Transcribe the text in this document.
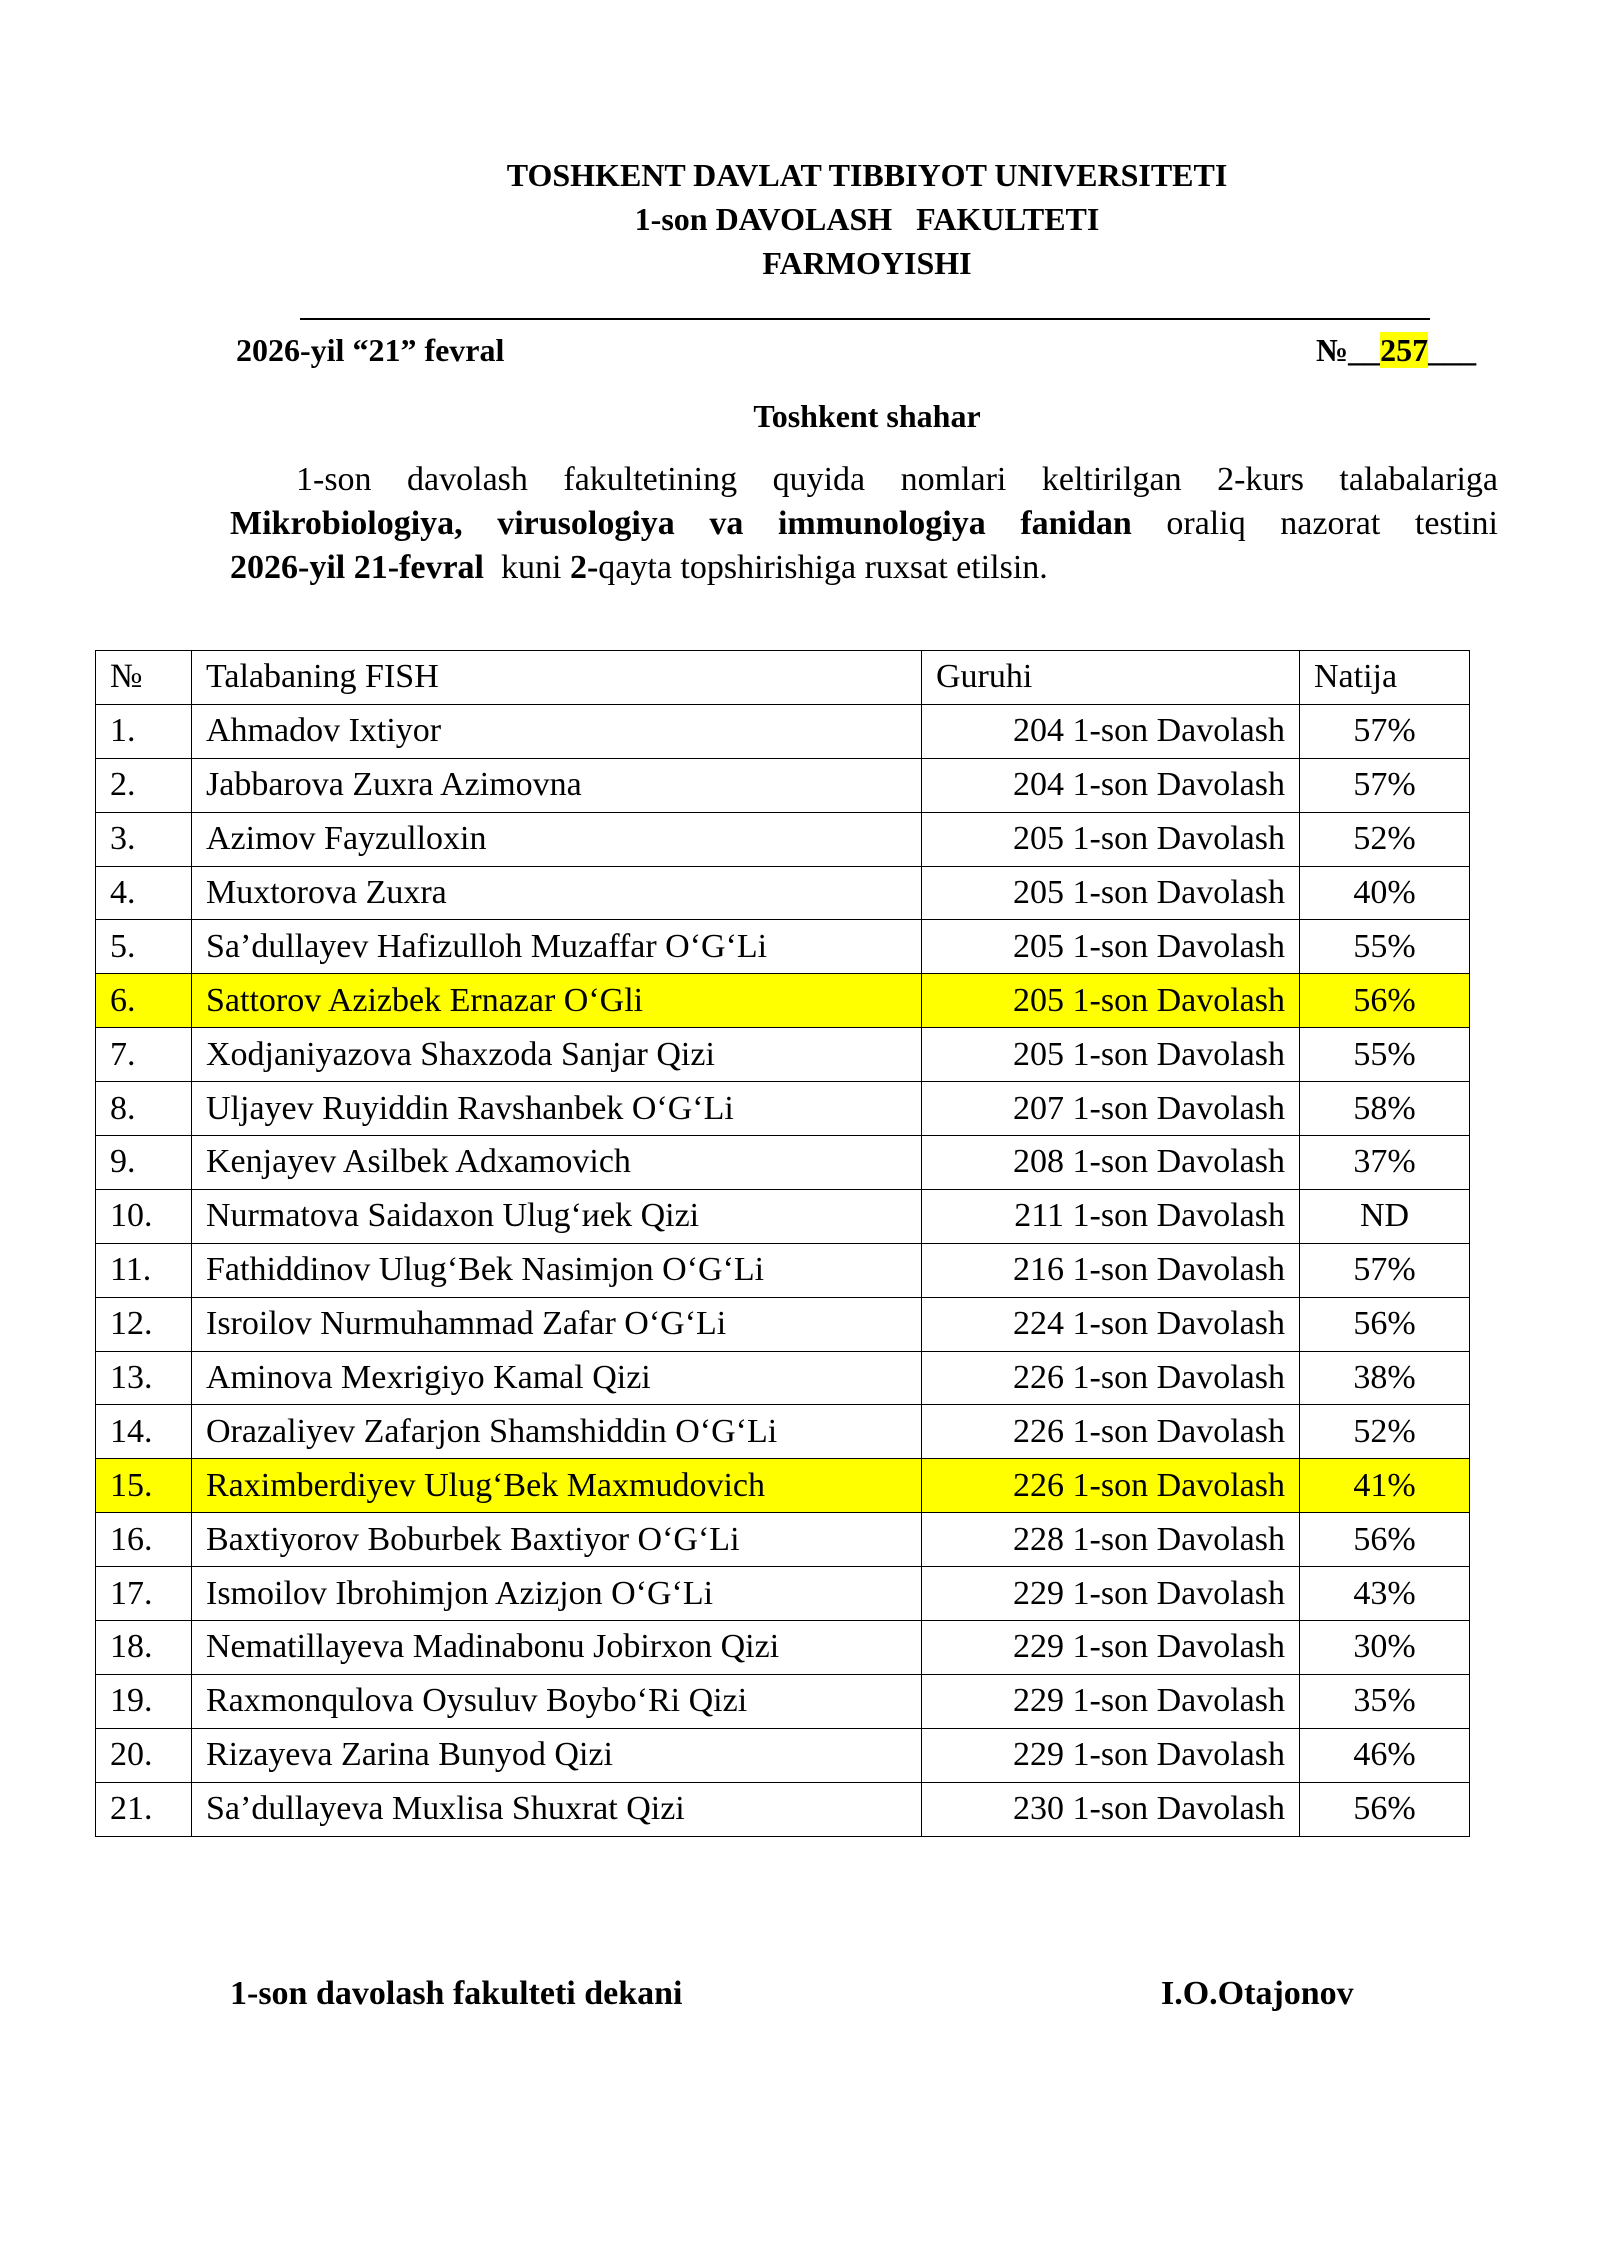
TOSHKENT DAVLAT TIBBIYOT UNIVERSITETI
1-son DAVOLASH   FAKULTETI
FARMOYISHI
2026-yil “21” fevral	№__257___
Toshkent shahar
1-son davolash fakultetining quyida nomlari keltirilgan 2-kurs talabalariga Mikrobiologiya, virusologiya va immunologiya fanidan oraliq nazorat testini 2026-yil 21-fevral  kuni 2-qayta topshirishiga ruxsat etilsin.
№	Talabaning FISH	Guruhi	Natija
1.	Ahmadov Ixtiyor	204 1-son Davolash	57%
2.	Jabbarova Zuxra Azimovna	204 1-son Davolash	57%
3.	Azimov Fayzulloxin	205 1-son Davolash	52%
4.	Muxtorova Zuxra	205 1-son Davolash	40%
5.	Sa’dullayev Hafizulloh Muzaffar O‘G‘Li	205 1-son Davolash	55%
6.	Sattorov Azizbek Ernazar O‘Gli	205 1-son Davolash	56%
7.	Xodjaniyazova Shaxzoda Sanjar Qizi	205 1-son Davolash	55%
8.	Uljayev Ruyiddin Ravshanbek O‘G‘Li	207 1-son Davolash	58%
9.	Kenjayev Asilbek Adxamovich	208 1-son Davolash	37%
10.	Nurmatova Saidaxon Ulug‘иek Qizi	211 1-son Davolash	ND
11.	Fathiddinov Ulug‘Bek Nasimjon O‘G‘Li	216 1-son Davolash	57%
12.	Isroilov Nurmuhammad Zafar O‘G‘Li	224 1-son Davolash	56%
13.	Aminova Mexrigiyo Kamal Qizi	226 1-son Davolash	38%
14.	Orazaliyev Zafarjon Shamshiddin O‘G‘Li	226 1-son Davolash	52%
15.	Raximberdiyev Ulug‘Bek Maxmudovich	226 1-son Davolash	41%
16.	Baxtiyorov Boburbek Baxtiyor O‘G‘Li	228 1-son Davolash	56%
17.	Ismoilov Ibrohimjon Azizjon O‘G‘Li	229 1-son Davolash	43%
18.	Nematillayeva Madinabonu Jobirxon Qizi	229 1-son Davolash	30%
19.	Raxmonqulova Oysuluv Boybo‘Ri Qizi	229 1-son Davolash	35%
20.	Rizayeva Zarina Bunyod Qizi	229 1-son Davolash	46%
21.	Sa’dullayeva Muxlisa Shuxrat Qizi	230 1-son Davolash	56%
1-son davolash fakulteti dekani	I.O.Otajonov
